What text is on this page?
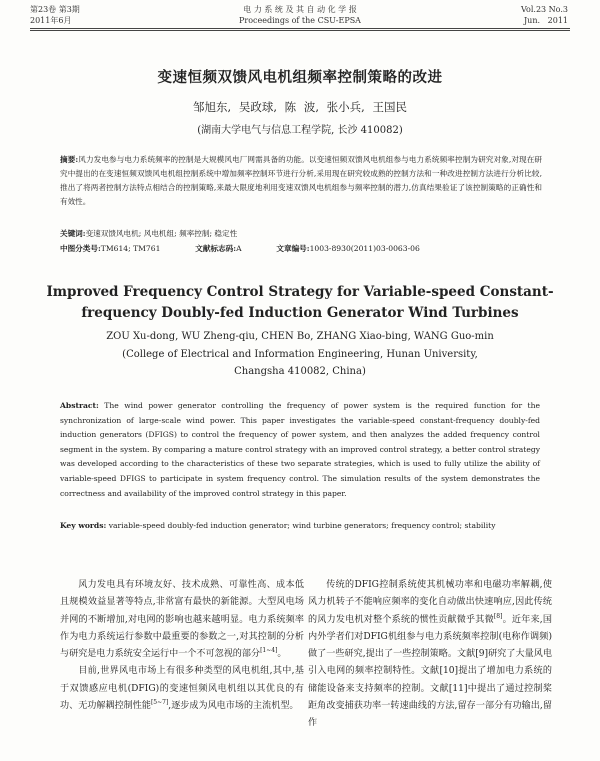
第23卷 第3期
2011年6月
电 力 系 统 及 其 自 动 化 学 报
Proceedings of the CSU-EPSA
Vol.23 No.3
Jun.   2011
变速恒频双馈风电机组频率控制策略的改进
邹旭东, 吴政球, 陈 波, 张小兵, 王国民
(湖南大学电气与信息工程学院, 长沙 410082)
摘要:风力发电参与电力系统频率的控制是大规模风电厂网需具备的功能。以变速恒频双馈风电机组参与电力系统频率控制为研究对象,对现在研究中提出的在变速恒频双馈风电机组控制系统中增加频率控制环节进行分析,采用现在研究较成熟的控制方法和一种改进控制方法进行分析比较,推出了将两者控制方法特点相结合的控制策略,来最大限度地利用变速双馈风电机组参与频率控制的潜力,仿真结果验证了该控制策略的正确性和有效性。
关键词:变速双馈风电机; 风电机组; 频率控制; 稳定性
中图分类号:TM614; TM761	文献标志码:A	文章编号:1003-8930(2011)03-0063-06
Improved Frequency Control Strategy for Variable-speed Constant-
frequency Doubly-fed Induction Generator Wind Turbines
ZOU Xu-dong, WU Zheng-qiu, CHEN Bo, ZHANG Xiao-bing, WANG Guo-min
(College of Electrical and Information Engineering, Hunan University,
Changsha 410082, China)
Abstract: The wind power generator controlling the frequency of power system is the required function for the synchronization of large-scale wind power. This paper investigates the variable-speed constant-frequency doubly-fed induction generators (DFIGS) to control the frequency of power system, and then analyzes the added frequency control segment in the system. By comparing a mature control strategy with an improved control strategy, a better control strategy was developed according to the characteristics of these two separate strategies, which is used to fully utilize the ability of variable-speed DFIGS to participate in system frequency control. The simulation results of the system demonstrates the correctness and availability of the improved control strategy in this paper.
Key words: variable-speed doubly-fed induction generator; wind turbine generators; frequency control; stability

风力发电具有环境友好、技术成熟、可靠性高、成本低且规模效益显著等特点,非常富有最快的新能源。大型风电场并网的不断增加,对电网的影响也越来越明显。电力系统频率作为电力系统运行参数中最重要的参数之一,对其控制的分析与研究是电力系统安全运行中一个不可忽视的部分[1~4]。

目前,世界风电市场上有很多种类型的风电机组,其中,基于双馈感应电机(DFIG)的变速恒频风电机组以其优良的有功、无功解耦控制性能[5~7],逐步成为风电市场的主流机型。

传统的DFIG控制系统使其机械功率和电磁功率解耦,使风力机转子不能响应频率的变化自动做出快速响应,因此传统的风力发电机对整个系统的惯性贡献微乎其微[8]。近年来,国内外学者们对DFIG机组参与电力系统频率控制(电称作调频)做了一些研究,提出了一些控制策略。文献[9]研究了大量风电引入电网的频率控制特性。文献[10]提出了增加电力系统的储能设备来支持频率的控制。文献[11]中提出了通过控制桨距角改变捕获功率一转速曲线的方法,留存一部分有功输出,留作
